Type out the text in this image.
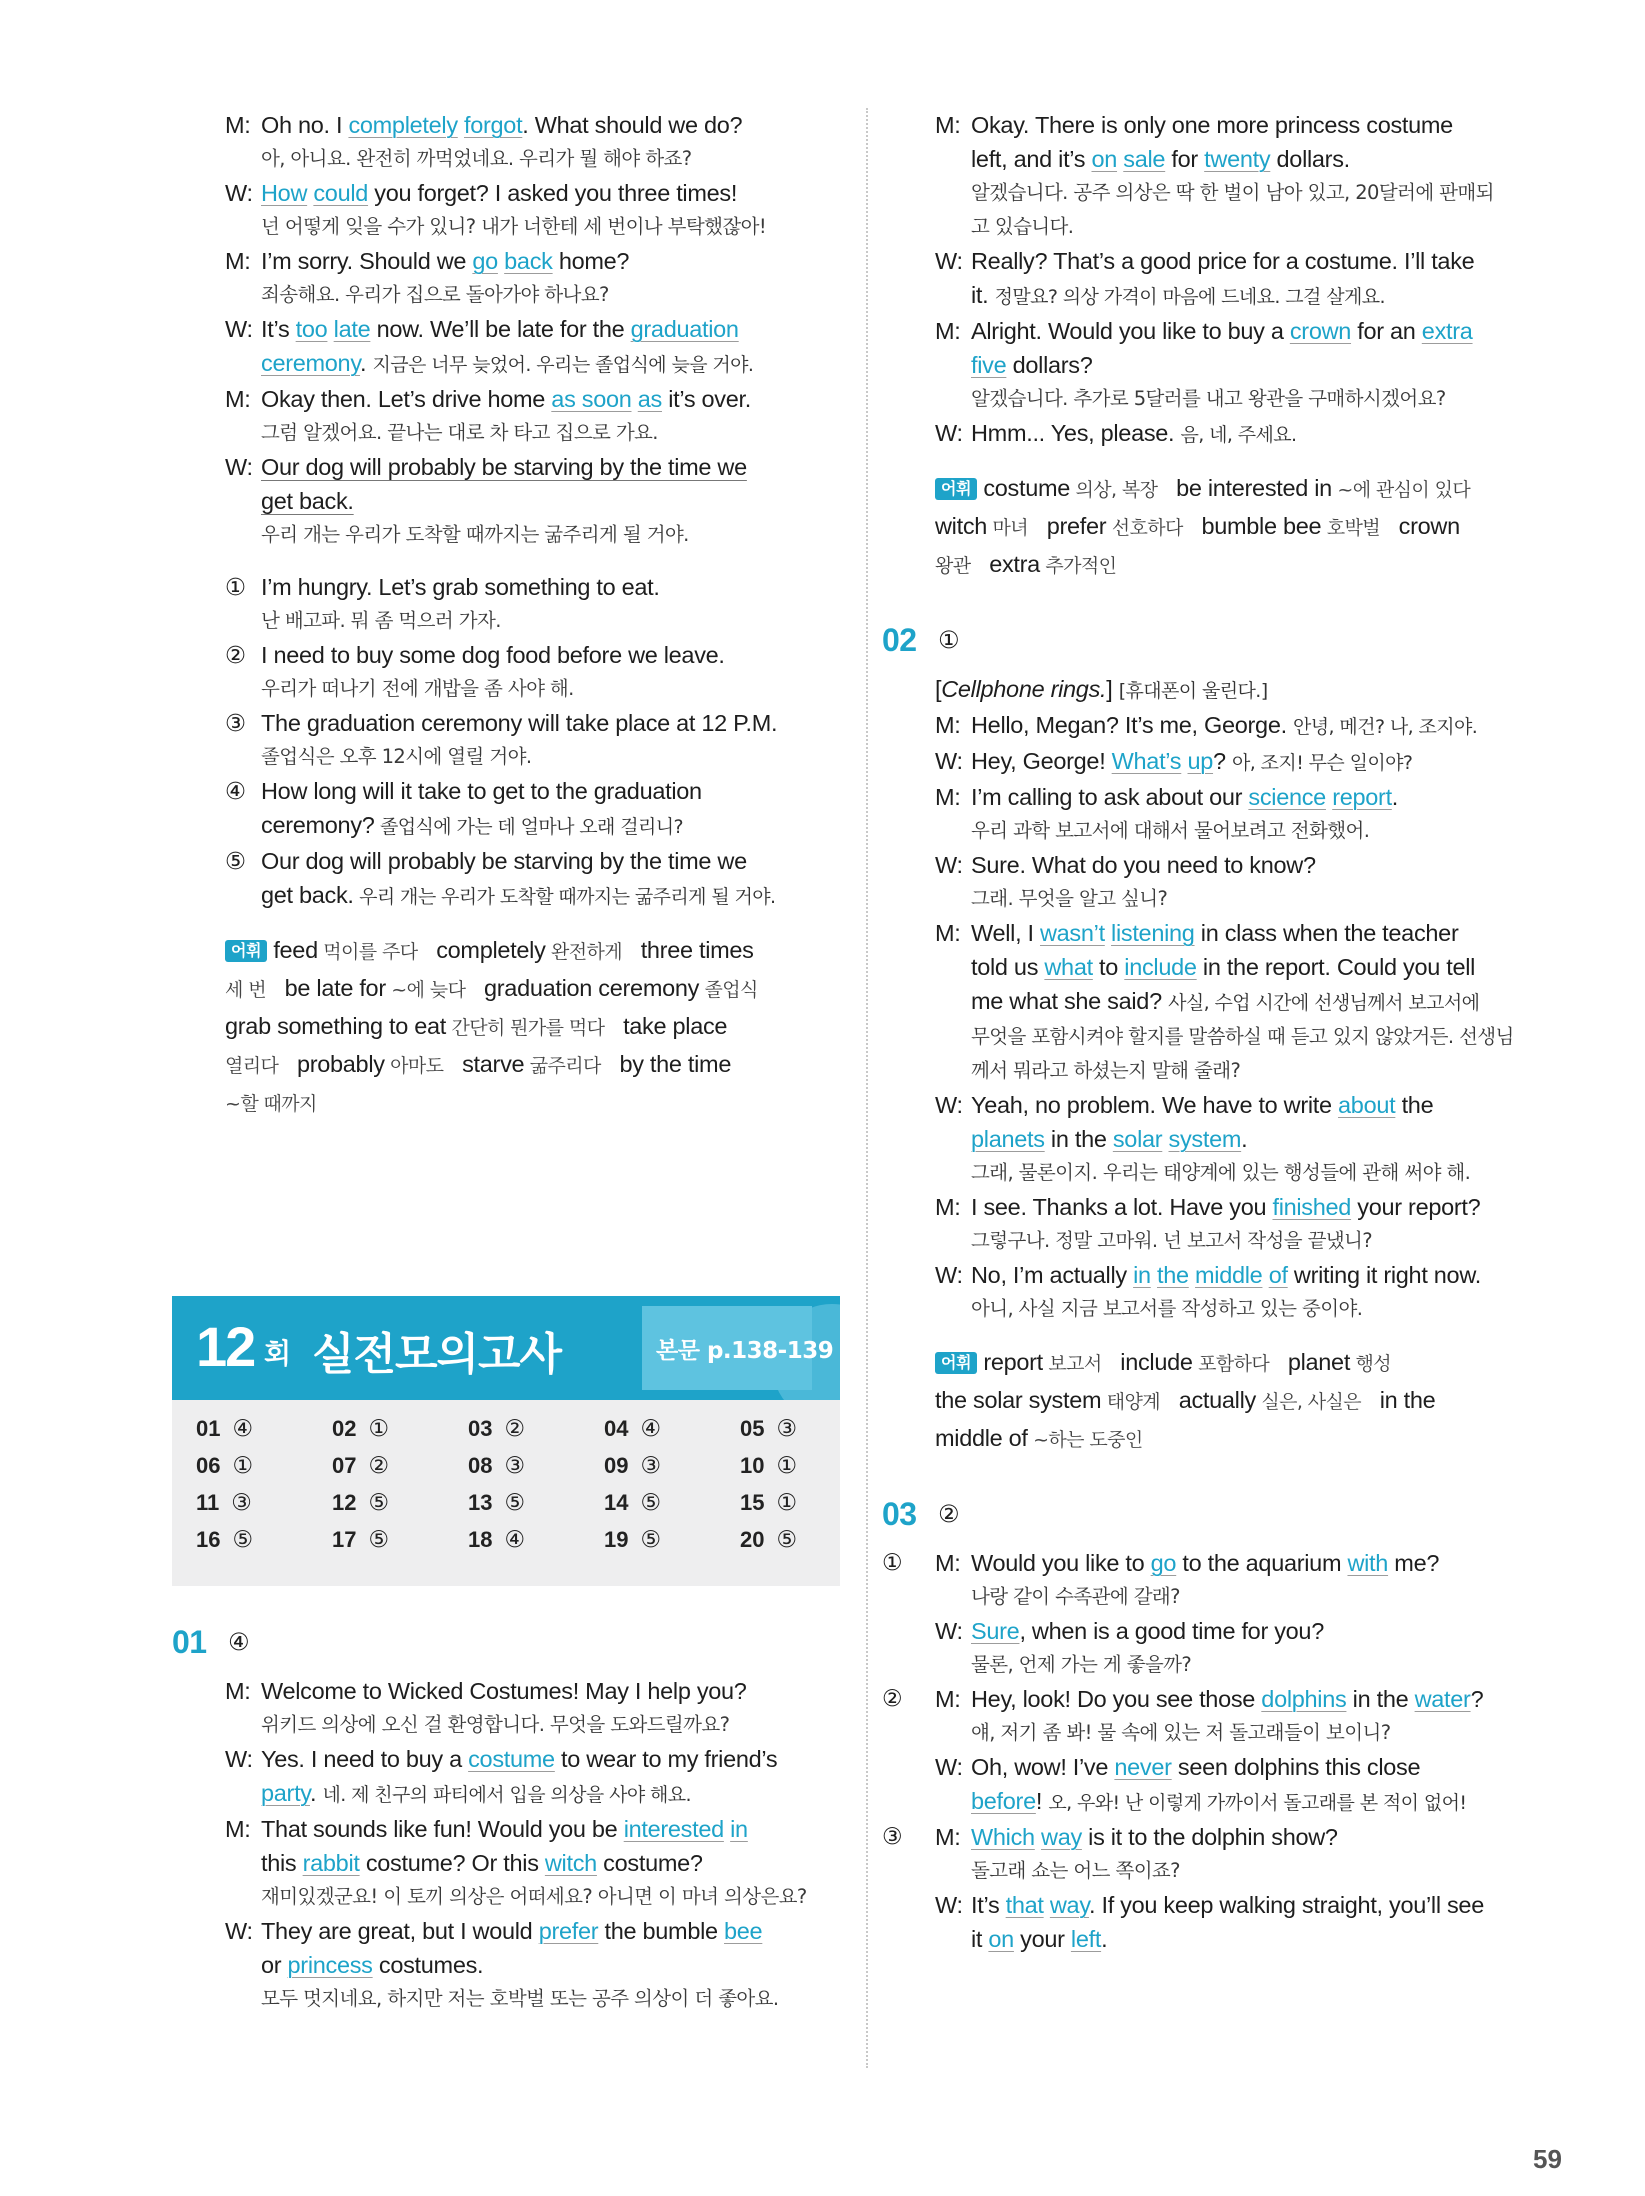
M: Oh no. I completely forgot. What should we do?
아, 아니요. 완전히 까먹었네요. 우리가 뭘 해야 하죠?
W: How could you forget? I asked you three times!
넌 어떻게 잊을 수가 있니? 내가 너한테 세 번이나 부탁했잖아!
M: I’m sorry. Should we go back home?
죄송해요. 우리가 집으로 돌아가야 하나요?
W: It’s too late now. We’ll be late for the graduation
ceremony. 지금은 너무 늦었어. 우리는 졸업식에 늦을 거야.
M: Okay then. Let’s drive home as soon as it’s over.
그럼 알겠어요. 끝나는 대로 차 타고 집으로 가요.
W: Our dog will probably be starving by the time we
get back.
우리 개는 우리가 도착할 때까지는 굶주리게 될 거야.
① I’m hungry. Let’s grab something to eat.
난 배고파. 뭐 좀 먹으러 가자.
② I need to buy some dog food before we leave.
우리가 떠나기 전에 개밥을 좀 사야 해.
③ The graduation ceremony will take place at 12 P.M.
졸업식은 오후 12시에 열릴 거야.
④ How long will it take to get to the graduation
ceremony? 졸업식에 가는 데 얼마나 오래 걸리니?
⑤ Our dog will probably be starving by the time we
get back. 우리 개는 우리가 도착할 때까지는 굶주리게 될 거야.
어휘 feed 먹이를 주다 completely 완전하게 three times
세 번 be late for ~에 늦다 graduation ceremony 졸업식
grab something to eat 간단히 뭔가를 먹다 take place
열리다 probably 아마도 starve 굶주리다 by the time
~할 때까지
12 회 실전모의고사	본문 p.138-139
01 ④	02 ①	03 ②	04 ④	05 ③
06 ①	07 ②	08 ③	09 ③	10 ①
11 ③	12 ⑤	13 ⑤	14 ⑤	15 ①
16 ⑤	17 ⑤	18 ④	19 ⑤	20 ⑤
01 ④
M: Welcome to Wicked Costumes! May I help you?
위키드 의상에 오신 걸 환영합니다. 무엇을 도와드릴까요?
W: Yes. I need to buy a costume to wear to my friend’s
party. 네. 제 친구의 파티에서 입을 의상을 사야 해요.
M: That sounds like fun! Would you be interested in
this rabbit costume? Or this witch costume?
재미있겠군요! 이 토끼 의상은 어떠세요? 아니면 이 마녀 의상은요?
W: They are great, but I would prefer the bumble bee
or princess costumes.
모두 멋지네요, 하지만 저는 호박벌 또는 공주 의상이 더 좋아요.
M: Okay. There is only one more princess costume
left, and it’s on sale for twenty dollars.
알겠습니다. 공주 의상은 딱 한 벌이 남아 있고, 20달러에 판매되
고 있습니다.
W: Really? That’s a good price for a costume. I’ll take
it. 정말요? 의상 가격이 마음에 드네요. 그걸 살게요.
M: Alright. Would you like to buy a crown for an extra
five dollars?
알겠습니다. 추가로 5달러를 내고 왕관을 구매하시겠어요?
W: Hmm... Yes, please. 음, 네, 주세요.
어휘 costume 의상, 복장 be interested in ~에 관심이 있다
witch 마녀 prefer 선호하다 bumble bee 호박벌 crown
왕관 extra 추가적인
02 ①
[Cellphone rings.] [휴대폰이 울린다.]
M: Hello, Megan? It’s me, George. 안녕, 메건? 나, 조지야.
W: Hey, George! What’s up? 아, 조지! 무슨 일이야?
M: I’m calling to ask about our science report.
우리 과학 보고서에 대해서 물어보려고 전화했어.
W: Sure. What do you need to know?
그래. 무엇을 알고 싶니?
M: Well, I wasn’t listening in class when the teacher
told us what to include in the report. Could you tell
me what she said? 사실, 수업 시간에 선생님께서 보고서에
무엇을 포함시켜야 할지를 말씀하실 때 듣고 있지 않았거든. 선생님
께서 뭐라고 하셨는지 말해 줄래?
W: Yeah, no problem. We have to write about the
planets in the solar system.
그래, 물론이지. 우리는 태양계에 있는 행성들에 관해 써야 해.
M: I see. Thanks a lot. Have you finished your report?
그렇구나. 정말 고마워. 넌 보고서 작성을 끝냈니?
W: No, I’m actually in the middle of writing it right now.
아니, 사실 지금 보고서를 작성하고 있는 중이야.
어휘 report 보고서 include 포함하다 planet 행성
the solar system 태양계 actually 실은, 사실은 in the
middle of ~하는 도중인
03 ②
①	M: Would you like to go to the aquarium with me?
나랑 같이 수족관에 갈래?
W: Sure, when is a good time for you?
물론, 언제 가는 게 좋을까?
②	M: Hey, look! Do you see those dolphins in the water?
얘, 저기 좀 봐! 물 속에 있는 저 돌고래들이 보이니?
W: Oh, wow! I’ve never seen dolphins this close
before! 오, 우와! 난 이렇게 가까이서 돌고래를 본 적이 없어!
③	M: Which way is it to the dolphin show?
돌고래 쇼는 어느 쪽이죠?
W: It’s that way. If you keep walking straight, you’ll see
it on your left.
59
